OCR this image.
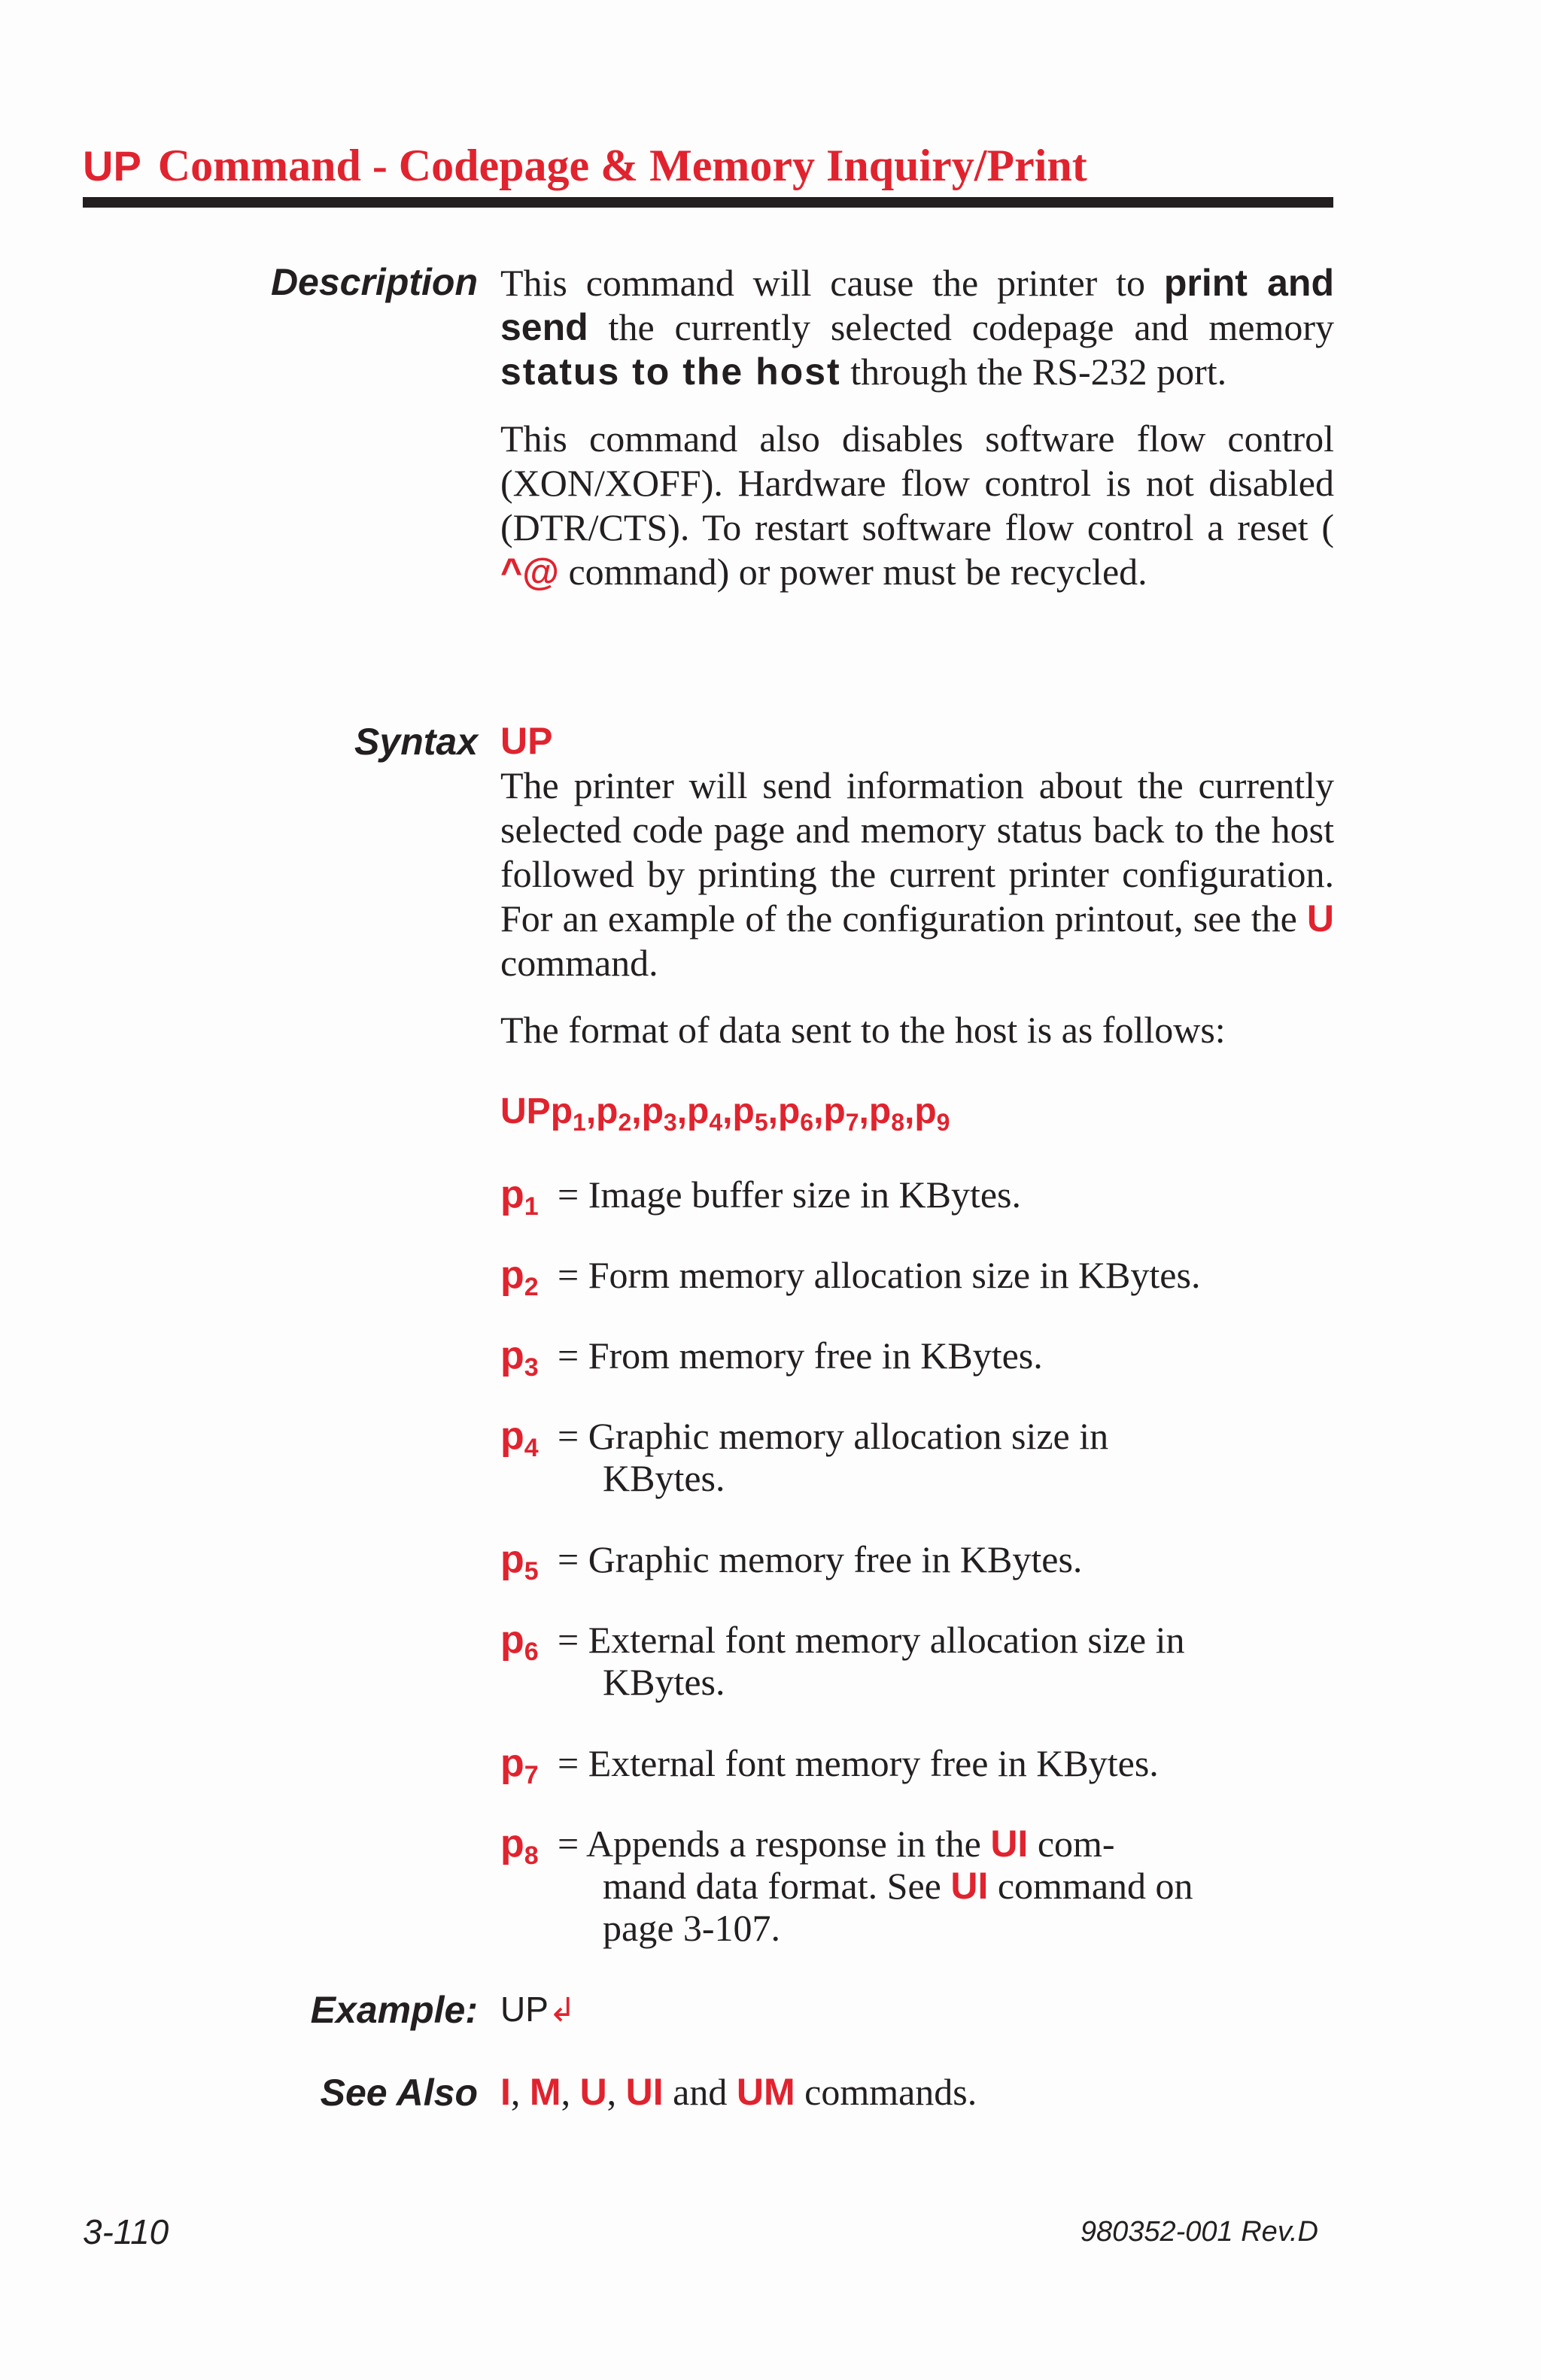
UP Command - Codepage & Memory Inquiry/Print
Description This command will cause the printer to print and send the currently selected codepage and memory status to the host through the RS-232 port.

This command also disables software flow control (XON/XOFF). Hardware flow control is not disabled (DTR/CTS). To restart software flow control a reset ( ^@ command) or power must be recycled.

Syntax UP

The printer will send information about the currently selected code page and memory status back to the host followed by printing the current printer configuration. For an example of the configuration printout, see the U command.

The format of data sent to the host is as follows:

$UPp_1,p_2,p_3,p_4,p_5,p_6,p_7,p_8,p_9$
$p_1$ = Image buffer size in KBytes.
$p_2$ = Form memory allocation size in KBytes.
$p_3$ = From memory free in KBytes.
$p_4$ = Graphic memory allocation size in
KBytes.
$p_5$ = Graphic memory free in KBytes.
$p_6$ = External font memory allocation size in
KBytes.
$p_7$ = External font memory free in KBytes.
$p_8$ = Appends a response in the UI com-
mand data format. See UI command on
page 3-107.
Example: UP↲
See Also I, M, U, UI and UM commands.
3-110	980352-001 Rev.D
